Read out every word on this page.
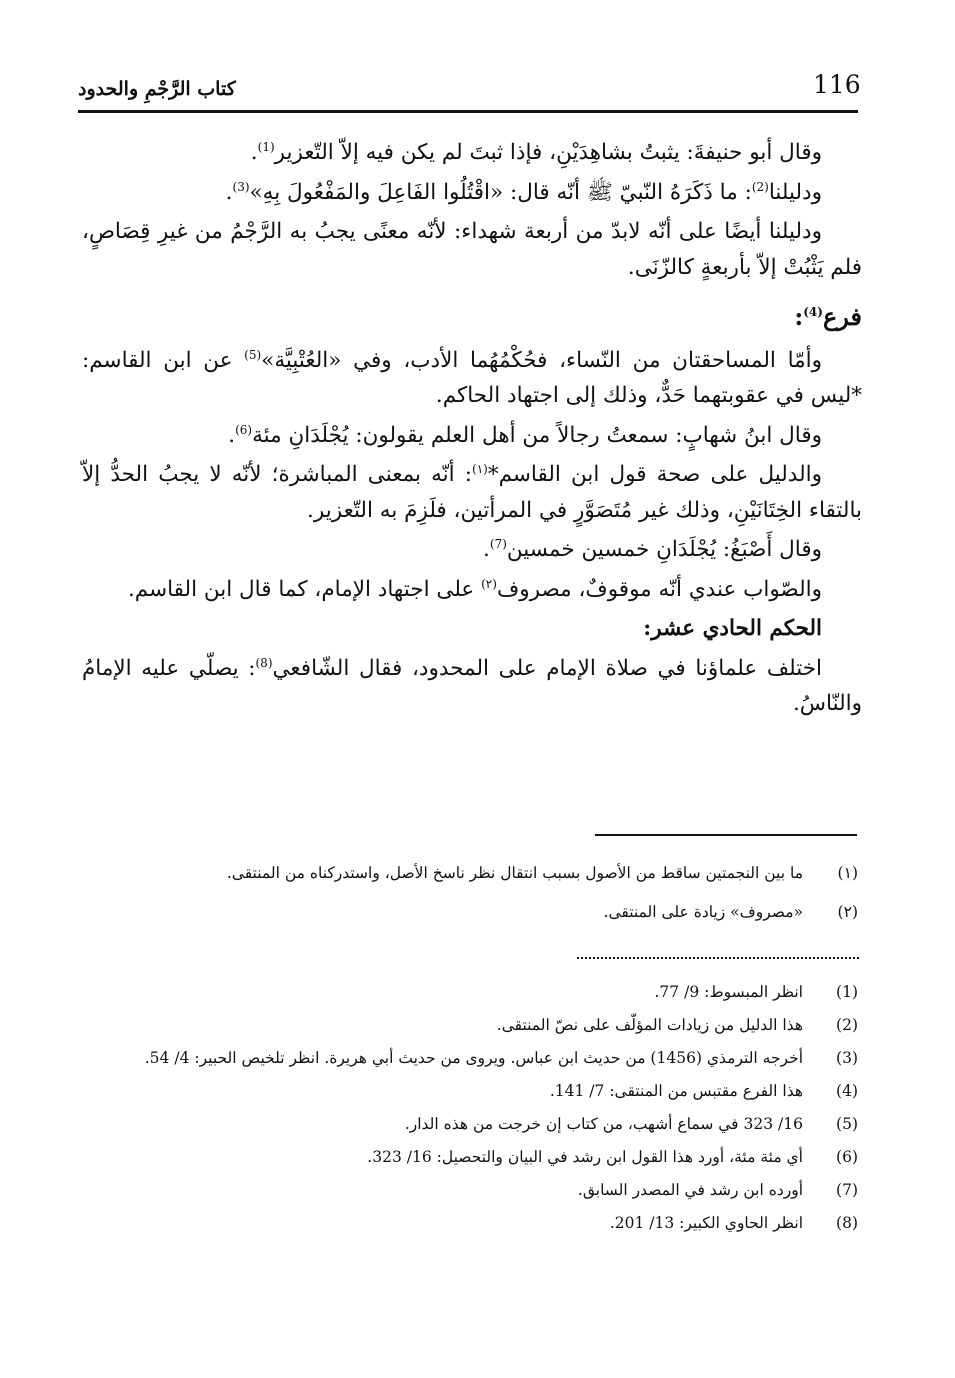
116
كتاب الرَّجْمِ والحدود

وقال أبو حنيفةَ: يثبتُ بشاهِدَيْنِ، فإذا ثبتَ لم يكن فيه إلاّ التّعزير$^{(1)}$.

ودليلنا$^{(2)}$: ما ذَكَرَهُ النّبيّ ﷺ أنّه قال: «اقْتُلُوا الفَاعِلَ والمَفْعُولَ بِهِ»$^{(3)}$.

ودليلنا أيضًا على أنّه لابدّ من أربعة شهداء: لأنّه معنًى يجبُ به الرَّجْمُ من غيرِ قِصَاصٍ، فلم يَثْبُتْ إلاّ بأربعةٍ كالزّنَى.

فرع$^{(4)}$:

وأمّا المساحقتان من النّساء، فحُكْمُهُما الأدب، وفي «العُتْبِيَّة»$^{(5)}$ عن ابن القاسم: *ليس في عقوبتهما حَدٌّ، وذلك إلى اجتهاد الحاكم.

وقال ابنُ شهابٍ: سمعتُ رجالاً من أهل العلم يقولون: يُجْلَدَانِ مئة$^{(6)}$.

والدليل على صحة قول ابن القاسم*$^{(١)}$: أنّه بمعنى المباشرة؛ لأنّه لا يجبُ الحدُّ إلاّ بالتقاء الخِتَانَيْنِ، وذلك غير مُتَصَوَّرٍ في المرأتين، فلَزِمَ به التّعزير.

وقال أَصْبَغُ: يُجْلَدَانِ خمسين خمسين$^{(7)}$.

والصّواب عندي أنّه موقوفٌ، مصروف$^{(٢)}$ على اجتهاد الإمام، كما قال ابن القاسم.

الحكم الحادي عشر:

اختلف علماؤنا في صلاة الإمام على المحدود، فقال الشّافعي$^{(8)}$: يصلّي عليه الإمامُ والنّاسُ.

(١)
ما بين النجمتين ساقط من الأصول بسبب انتقال نظر ناسخ الأصل، واستدركناه من المنتقى.
(٢)
«مصروف» زيادة على المنتقى.
(1)
انظر المبسوط: 9/ 77.
(2)
هذا الدليل من زيادات المؤلّف على نصّ المنتقى.
(3)
أخرجه الترمذي (1456) من حديث ابن عباس. ويروى من حديث أبي هريرة. انظر تلخيص الحبير: 4/ 54.
(4)
هذا الفرع مقتبس من المنتقى: 7/ 141.
(5)
16/ 323 في سماع أشهب، من كتاب إن خرجت من هذه الدار.
(6)
أي مئة مئة، أورد هذا القول ابن رشد في البيان والتحصيل: 16/ 323.
(7)
أورده ابن رشد في المصدر السابق.
(8)
انظر الحاوي الكبير: 13/ 201.
